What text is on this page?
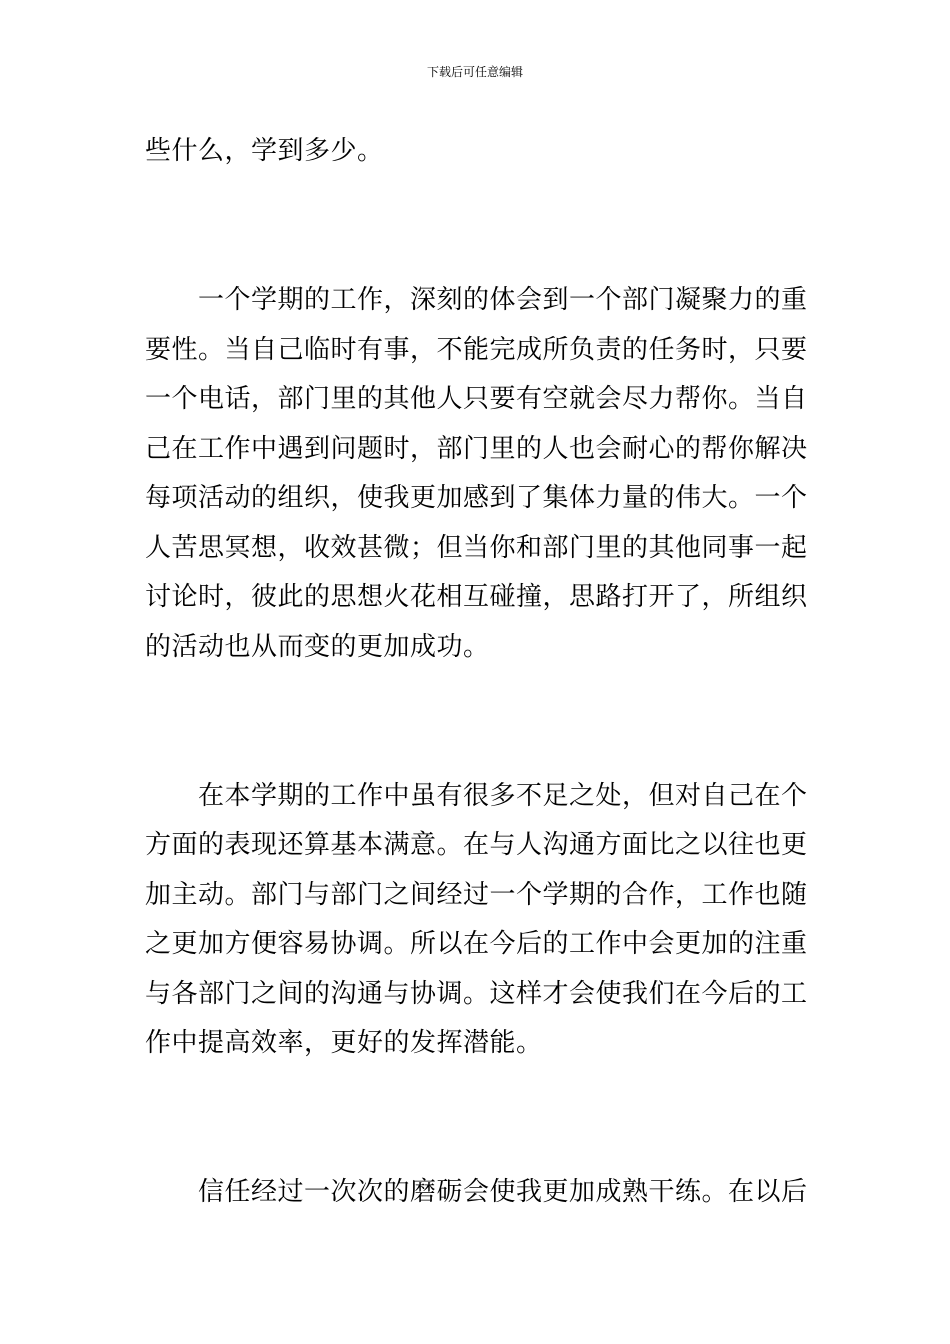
下载后可任意编辑
些什么，学到多少。
一个学期的工作，深刻的体会到一个部门凝聚力的重
要性。当自己临时有事，不能完成所负责的任务时，只要
一个电话，部门里的其他人只要有空就会尽力帮你。当自
己在工作中遇到问题时，部门里的人也会耐心的帮你解决
每项活动的组织，使我更加感到了集体力量的伟大。一个
人苦思冥想，收效甚微；但当你和部门里的其他同事一起
讨论时，彼此的思想火花相互碰撞，思路打开了，所组织
的活动也从而变的更加成功。
在本学期的工作中虽有很多不足之处，但对自己在个
方面的表现还算基本满意。在与人沟通方面比之以往也更
加主动。部门与部门之间经过一个学期的合作，工作也随
之更加方便容易协调。所以在今后的工作中会更加的注重
与各部门之间的沟通与协调。这样才会使我们在今后的工
作中提高效率，更好的发挥潜能。
信任经过一次次的磨砺会使我更加成熟干练。在以后
